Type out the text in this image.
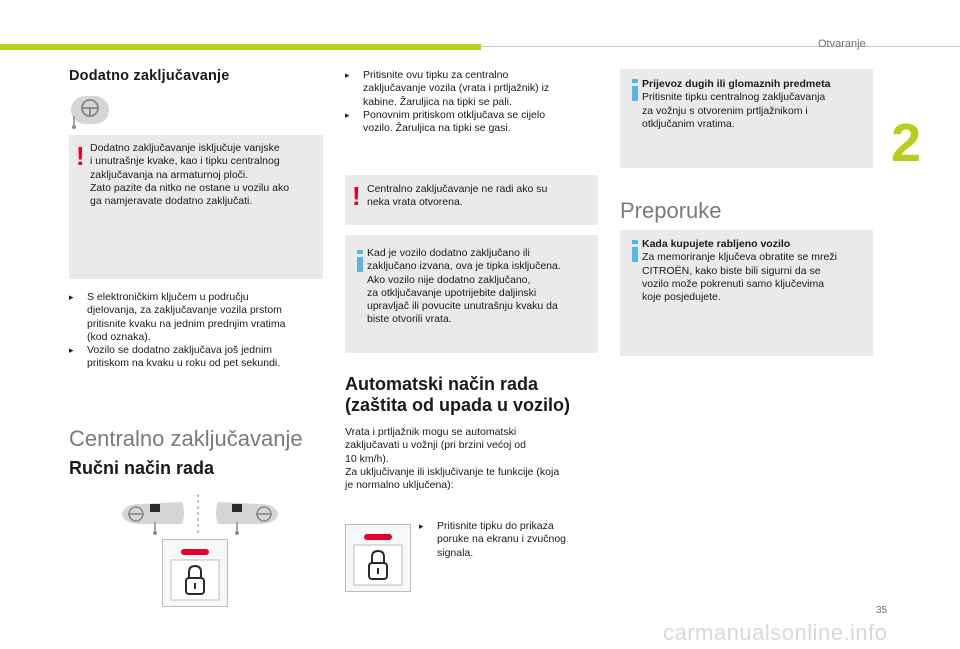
Otvaranje
2
Dodatno zaključavanje
! Dodatno zaključavanje isključuje vanjske

i unutrašnje kvake, kao i tipku centralnog

zaključavanja na armaturnoj ploči.

Zato pazite da nitko ne ostane u vozilu ako

ga namjeravate dodatno zaključati.

▸ S elektroničkim ključem u području

djelovanja, za zaključavanje vozila prstom

pritisnite kvaku na jednim prednjim vratima

(kod oznaka).

▸ Vozilo se dodatno zaključava još jednim

pritiskom na kvaku u roku od pet sekundi.

Centralno zaključavanje
Ručni način rada
▸ Pritisnite ovu tipku za centralno

zaključavanje vozila (vrata i prtljažnik) iz

kabine. Žaruljica na tipki se pali.

▸ Ponovnim pritiskom otključava se cijelo

vozilo. Žaruljica na tipki se gasi.

! Centralno zaključavanje ne radi ako su

neka vrata otvorena.

Kad je vozilo dodatno zaključano ili

zaključano izvana, ova je tipka isključena.

Ako vozilo nije dodatno zaključano,

za otključavanje upotrijebite daljinski

upravljač ili povucite unutrašnju kvaku da

biste otvorili vrata.

Automatski način rada
(zaštita od upada u vozilo)

Vrata i prtljažnik mogu se automatski

zaključavati u vožnji (pri brzini većoj od

10 km/h).

Za uključivanje ili isključivanje te funkcije (koja

je normalno uključena):

▸ Pritisnite tipku do prikaza

poruke na ekranu i zvučnog

signala.

Prijevoz dugih ili glomaznih predmeta

Pritisnite tipku centralnog zaključavanja

za vožnju s otvorenim prtljažnikom i

otključanim vratima.

Preporuke

Kada kupujete rabljeno vozilo

Za memoriranje ključeva obratite se mreži

CITROËN, kako biste bili sigurni da se

vozilo može pokrenuti samo ključevima

koje posjedujete.

35
carmanualsonline.info
